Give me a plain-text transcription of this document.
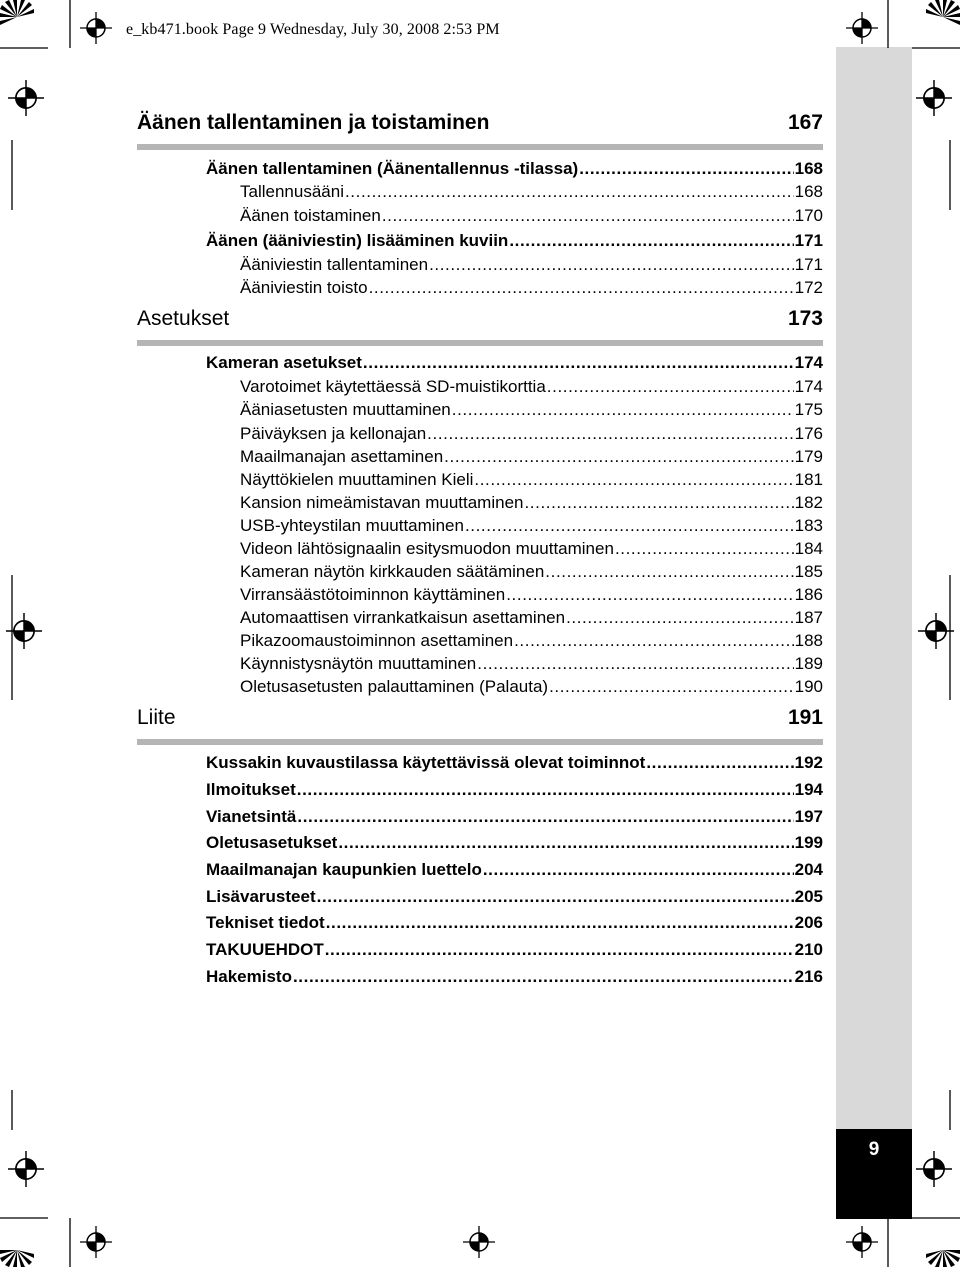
e_kb471.book Page 9 Wednesday, July 30, 2008 2:53 PM
9
Äänen tallentaminen ja toistaminen	167
Äänen tallentaminen (Äänentallennus -tilassa) .....	168
Tallennusääni .....	168
Äänen toistaminen .....	170
Äänen (ääniviestin) lisääminen kuviin .....	171
Ääniviestin tallentaminen .....	171
Ääniviestin toisto .....	172
Asetukset	173
Kameran asetukset .....	174
Varotoimet käytettäessä SD-muistikorttia .....	174
Ääniasetusten muuttaminen .....	175
Päiväyksen ja kellonajan .....	176
Maailmanajan asettaminen .....	179
Näyttökielen muuttaminen Kieli .....	181
Kansion nimeämistavan muuttaminen .....	182
USB-yhteystilan muuttaminen .....	183
Videon lähtösignaalin esitysmuodon muuttaminen .....	184
Kameran näytön kirkkauden säätäminen .....	185
Virransäästötoiminnon käyttäminen .....	186
Automaattisen virrankatkaisun asettaminen .....	187
Pikazoomaustoiminnon asettaminen .....	188
Käynnistysnäytön muuttaminen .....	189
Oletusasetusten palauttaminen (Palauta) .....	190
Liite	191
Kussakin kuvaustilassa käytettävissä olevat toiminnot .....	192
Ilmoitukset .....	194
Vianetsintä .....	197
Oletusasetukset .....	199
Maailmanajan kaupunkien luettelo .....	204
Lisävarusteet .....	205
Tekniset tiedot .....	206
TAKUUEHDOT .....	210
Hakemisto .....	216
